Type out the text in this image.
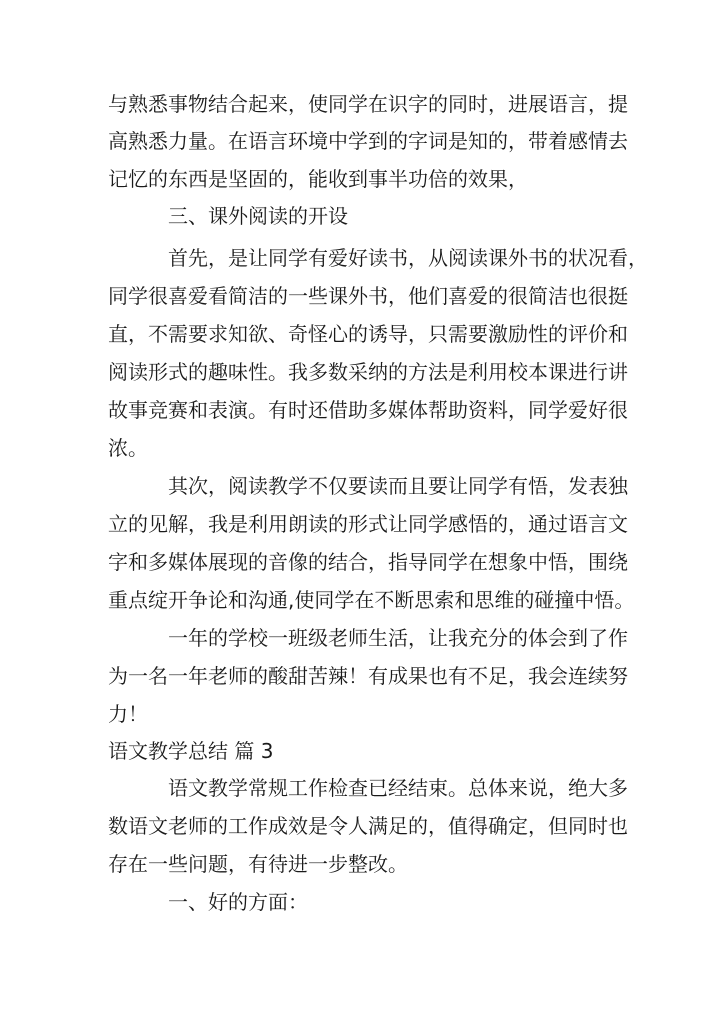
与熟悉事物结合起来，使同学在识字的同时，进展语言，提
高熟悉力量。在语言环境中学到的字词是知的，带着感情去
记忆的东西是坚固的，能收到事半功倍的效果，
三、课外阅读的开设
首先，是让同学有爱好读书，从阅读课外书的状况看，
同学很喜爱看简洁的一些课外书，他们喜爱的很简洁也很挺
直，不需要求知欲、奇怪心的诱导，只需要激励性的评价和
阅读形式的趣味性。我多数采纳的方法是利用校本课进行讲
故事竞赛和表演。有时还借助多媒体帮助资料，同学爱好很
浓。
其次，阅读教学不仅要读而且要让同学有悟，发表独
立的见解，我是利用朗读的形式让同学感悟的，通过语言文
字和多媒体展现的音像的结合，指导同学在想象中悟，围绕
重点绽开争论和沟通,使同学在不断思索和思维的碰撞中悟。
一年的学校一班级老师生活，让我充分的体会到了作
为一名一年老师的酸甜苦辣！有成果也有不足，我会连续努
力！
语文教学总结 篇 3
语文教学常规工作检查已经结束。总体来说，绝大多
数语文老师的工作成效是令人满足的，值得确定，但同时也
存在一些问题，有待进一步整改。
一、好的方面：
